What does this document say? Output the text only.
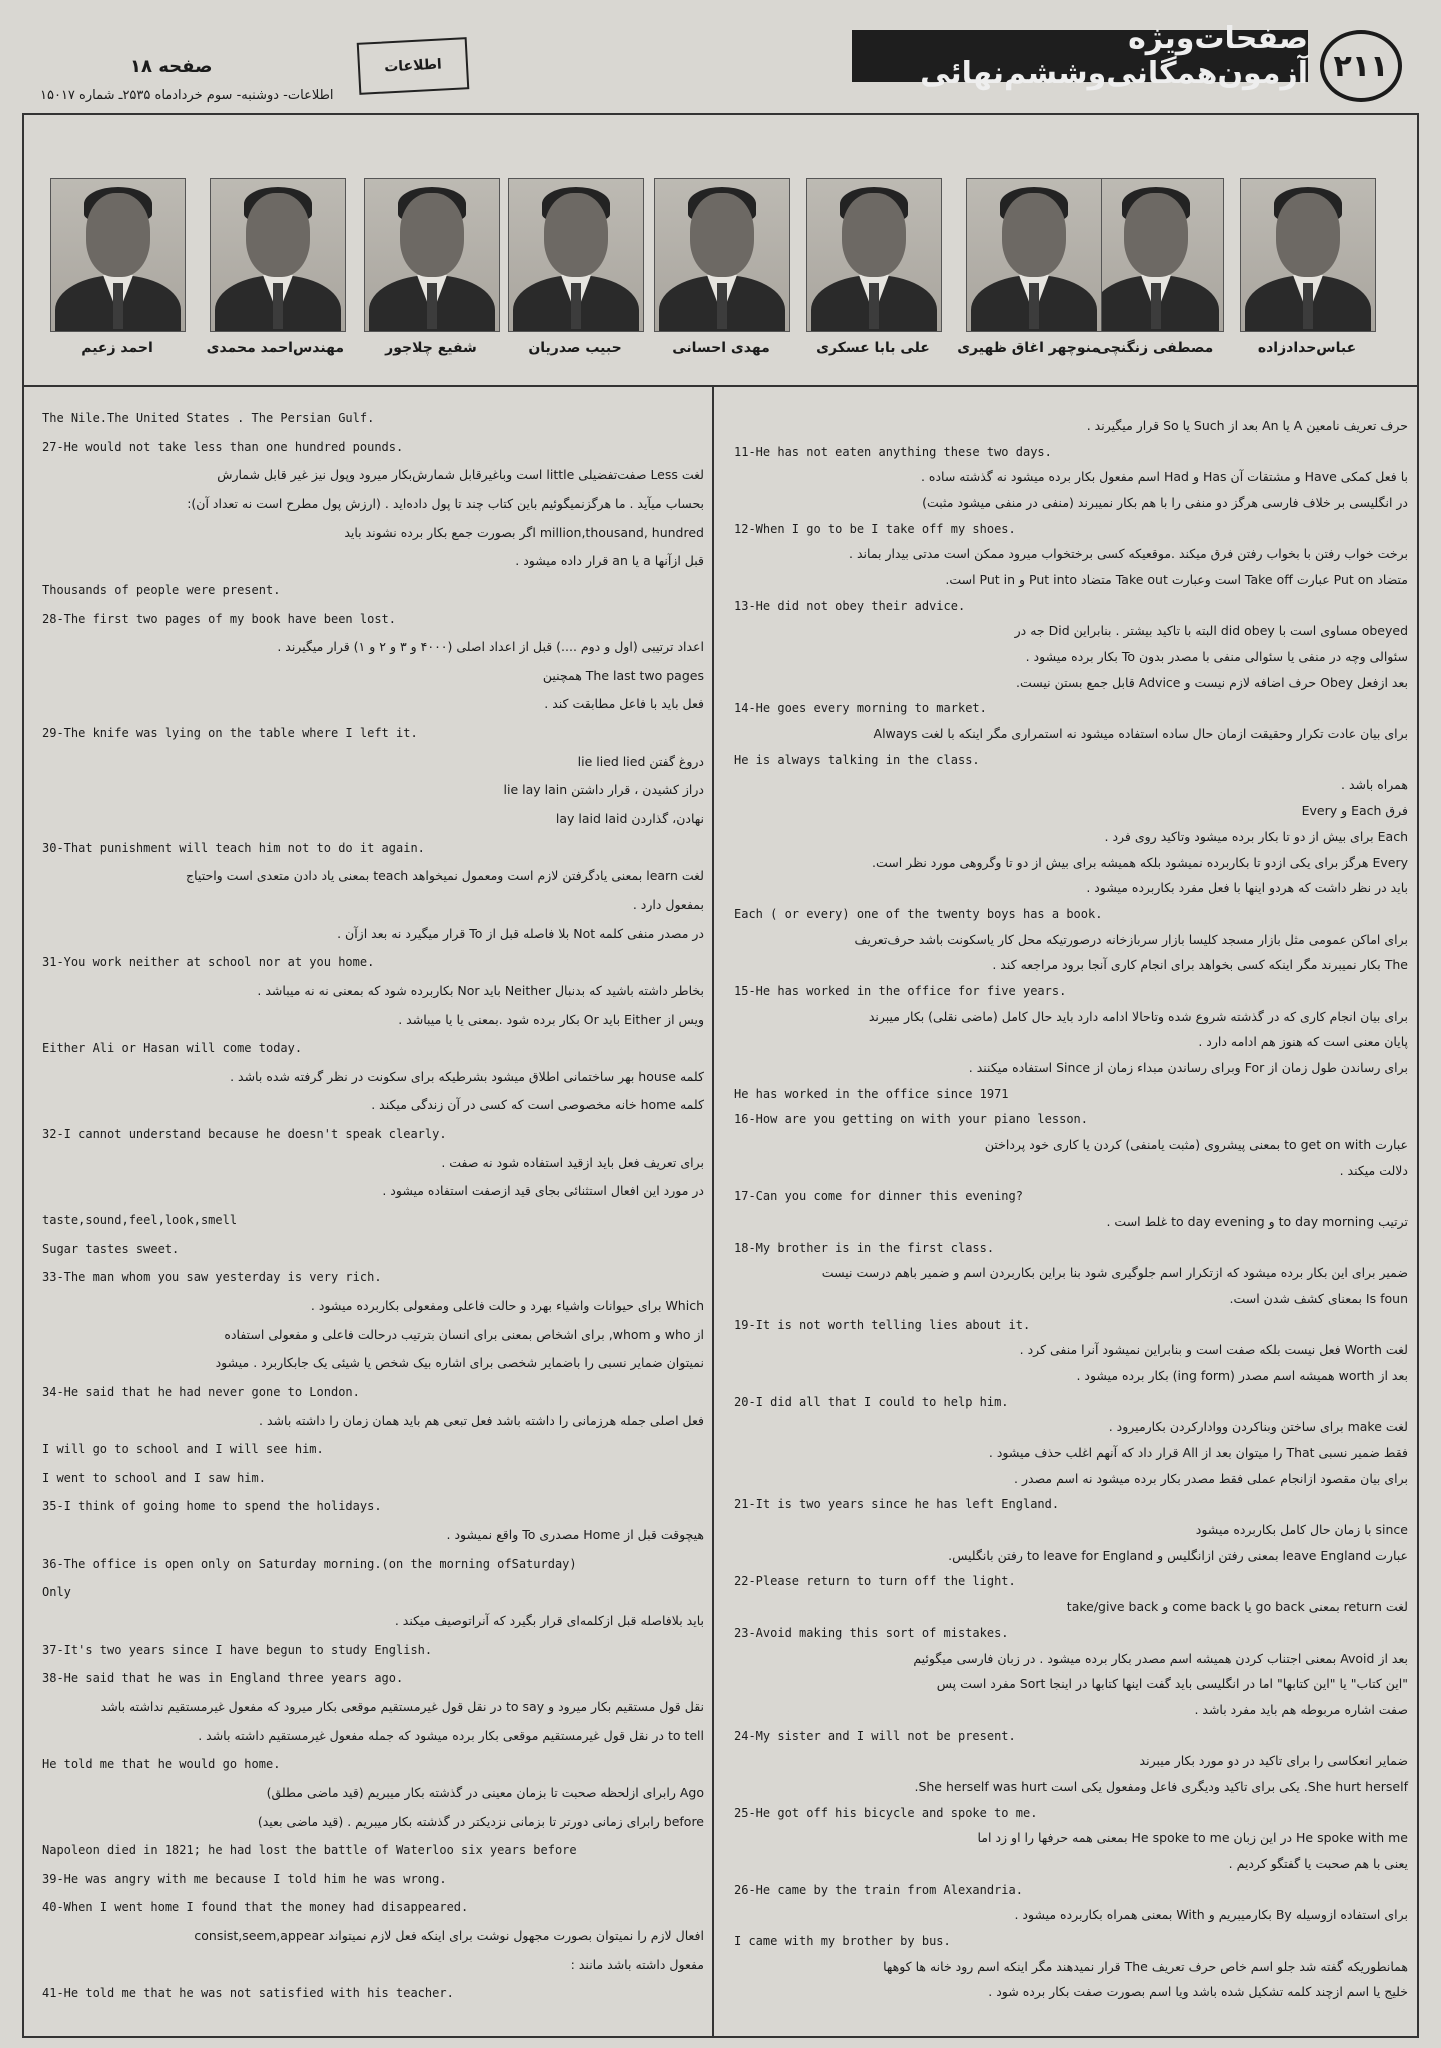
۲۱۱
صفحات‌ویژه آزمون‌همگانی‌وششم‌نهائی
اطلاعات
صفحه ۱۸
اطلاعات- دوشنبه- سوم خردادماه ۲۵۳۵ـ شماره ۱۵۰۱۷
عباس‌حدادزاده
مصطفی زنگنچی
منوچهر اغاق ظهیری
علی بابا عسکری
مهدی احسانی
حبیب صدریان
شفیع چلاجور
مهندس‌احمد محمدی
احمد زعیم
The Nile.The United States . The Persian Gulf.
27-He would not take less than one hundred pounds.
لغت Less صفت‌تفضیلی little است وباغیرقابل شمارش‌بکار میرود وپول نیز غیر قابل شمارش
بحساب‌ میآید . ما هرگزنمیگوئیم باین کتاب چند تا پول داده‌اید . (ارزش پول مطرح است نه تعداد آن):
million,thousand, hundred اگر بصورت جمع بکار برده نشوند باید
قبل ازآنها a یا an قرار داده میشود .
Thousands of people were present.
28-The first two pages of my book have been lost.
اعداد ترتیبی (اول و دوم ....) قبل از اعداد اصلی (۴۰۰۰ و ۳ و ۲ و ۱) قرار میگیرند .
The last two pages همچنین
فعل باید با فاعل مطابقت کند .
29-The knife was lying on the table where I left it.
دروغ گفتن lie lied lied
دراز کشیدن ، قرار داشتن lie lay lain
نهادن، گذاردن lay laid laid
30-That punishment will teach him not to do it again.
لغت learn بمعنی یادگرفتن لازم است ومعمول نمیخواهد teach بمعنی یاد دادن متعدی است واحتیاج
بمفعول دارد .
در مصدر منفی کلمه Not بلا فاصله قبل از To قرار میگیرد نه بعد ازآن .
31-You work neither at school nor at you home.
بخاطر داشته باشید که بدنبال Neither باید Nor بکاربرده شود که بمعنی نه نه میباشد .
ویس از Either باید Or بکار برده شود .بمعنی یا یا میباشد .
Either Ali or Hasan will come today.
کلمه house بهر ساختمانی اطلاق میشود بشرطیکه برای سکونت در نظر گرفته شده باشد .
کلمه home خانه مخصوصی است که کسی در آن زندگی میکند .
32-I cannot understand because he doesn't speak clearly.
برای تعریف فعل باید ازقید استفاده شود نه صفت .
در مورد این افعال استثنائی بجای قید ازصفت استفاده میشود .
taste,sound,feel,look,smell
Sugar tastes sweet.
33-The man whom you saw yesterday is very rich.
Which برای حیوانات واشیاء بهرد و حالت فاعلی ومفعولی بکاربرده میشود .
از who و whom, برای اشخاص بمعنی برای انسان بترتیب درحالت فاعلی و مفعولی استفاده
نمیتوان ضمایر نسبی را باضمایر شخصی برای اشاره بیک شخص یا شیئی یک جابکاربرد . میشود
34-He said that he had never gone to London.
فعل اصلی جمله هرزمانی را داشته باشد فعل تبعی هم باید همان زمان را داشته باشد .
I will go to school and I will see him.
I went to school and I saw him.
35-I think of going home to spend the holidays.
هیچوقت قبل از Home مصدری To واقع نمیشود .
36-The office is open only on Saturday morning.(on the morning ofSaturday)
Only
باید بلافاصله قبل ازکلمه‌ای قرار بگیرد که آنراتوصیف میکند .
37-It's two years since I have begun to study English.
38-He said that he was in England three years ago.
نقل قول مستقیم بکار میرود و to say در نقل قول غیرمستقیم موقعی بکار میرود که مفعول غیرمستقیم نداشته باشد
to tell در نقل قول غیرمستقیم موقعی بکار برده میشود که جمله مفعول غیرمستقیم داشته باشد .
He told me that he would go home.
Ago رابرای ازلحظه صحبت تا بزمان معینی در گذشته بکار میبریم (قید ماضی مطلق)
before رابرای زمانی دورتر تا بزمانی نزدیکتر در گذشته بکار میبریم . (قید ماضی بعید)
Napoleon died in 1821; he had lost the battle of Waterloo six years before
39-He was angry with me because I told him he was wrong.
40-When I went home I found that the money had disappeared.
افعال لازم را نمیتوان بصورت مجهول نوشت برای اینکه فعل لازم نمیتواند consist,seem,appear
مفعول داشته باشد مانند :
41-He told me that he was not satisfied with his teacher.
حرف تعریف نامعین A یا An بعد از Such یا So قرار میگیرند .
11-He has not eaten anything these two days.
با فعل کمکی Have و مشتقات آن Has و Had اسم مفعول بکار برده میشود نه گذشته ساده .
در انگلیسی بر خلاف فارسی هرگز دو منفی را با هم بکار نمیبرند (منفی در منفی میشود مثبت)
12-When I go to be I take off my shoes.
برخت خواب رفتن با بخواب رفتن فرق میکند .موقعیکه کسی برختخواب میرود ممکن است مدتی بیدار بماند .
متضاد Put on عبارت Take off است وعبارت Take out متضاد Put into و Put in است.
13-He did not obey their advice.
obeyed مساوی است با did obey البته با تاکید بیشتر . بنابراین Did جه در
سئوالی وچه در منفی یا سئوالی منفی با مصدر بدون To بکار برده میشود .
بعد ازفعل Obey حرف اضافه لازم نیست و Advice قابل جمع بستن نیست.
14-He goes every morning to market.
برای بیان عادت تکرار وحقیقت ازمان حال ساده استفاده میشود نه استمراری مگر اینکه با لغت Always
He is always talking in the class.
همراه باشد .
فرق Each و Every
Each برای بیش از دو تا بکار برده میشود وتاکید روی فرد .
Every هرگز برای یکی ازدو تا بکاربرده نمیشود بلکه همیشه برای بیش از دو تا وگروهی مورد نظر است.
باید در نظر داشت که هردو اینها با فعل مفرد بکاربرده میشود .
Each ( or every) one of the twenty boys has a book.
برای اماکن عمومی مثل بازار مسجد کلیسا بازار سربازخانه درصورتیکه محل کار یاسکونت باشد حرف‌تعریف
The بکار نمیبرند مگر اینکه کسی بخواهد برای انجام کاری آنجا برود مراجعه کند .
15-He has worked in the office for five years.
برای بیان انجام کاری که در گذشته شروع شده وتاحالا ادامه دارد باید حال کامل (ماضی نقلی) بکار میبرند
پایان معنی است که هنوز هم ادامه دارد .
برای رساندن طول زمان از For وبرای رساندن مبداء زمان از Since استفاده میکنند .
He has worked in the office since 1971
16-How are you getting on with your piano lesson.
عبارت to get on with بمعنی پیشروی (مثبت یامنفی) کردن یا کاری خود پرداختن
دلالت میکند .
17-Can you come for dinner this evening?
ترتیب to day morning و to day evening غلط است .
18-My brother is in the first class.
ضمیر برای این بکار برده میشود که ازتکرار اسم جلوگیری شود بنا براین بکاربردن اسم و ضمیر باهم درست نیست
Is foun بمعنای کشف شدن است.
19-It is not worth telling lies about it.
لغت Worth فعل نیست بلکه صفت است و بنابراین نمیشود آنرا منفی کرد .
بعد از worth همیشه اسم مصدر (ing form) بکار برده میشود .
20-I did all that I could to help him.
لغت make برای ساختن وبناکردن ووادارکردن بکارمیرود .
فقط ضمیر نسبی That را میتوان بعد از All قرار داد که آنهم اغلب حذف میشود .
برای بیان مقصود ازانجام عملی فقط مصدر بکار برده میشود نه اسم مصدر .
21-It is two years since he has left England.
since با زمان حال کامل بکاربرده میشود
عبارت leave England بمعنی رفتن ازانگلیس و to leave for England رفتن بانگلیس.
22-Please return to turn off the light.
لغت return بمعنی go back یا come back و take/give back
23-Avoid making this sort of mistakes.
بعد از Avoid بمعنی اجتناب کردن همیشه اسم مصدر بکار برده میشود . در زبان فارسی میگوئیم
"این کتاب" یا "این کتابها" اما در انگلیسی باید گفت اینها کتابها در اینجا Sort مفرد است پس
صفت اشاره مربوطه هم باید مفرد باشد .
24-My sister and I will not be present.
ضمایر انعکاسی را برای تاکید در دو مورد بکار میبرند
She hurt herself. یکی برای تاکید ودیگری فاعل ومفعول یکی است She herself was hurt.
25-He got off his bicycle and spoke to me.
He spoke with me در این زبان He spoke to me بمعنی همه حرفها را او زد اما
یعنی با هم صحبت یا گفتگو کردیم .
26-He came by the train from Alexandria.
برای استفاده ازوسیله By بکارمیبریم و With بمعنی همراه بکاربرده میشود .
I came with my brother by bus.
همانطوریکه گفته شد جلو اسم خاص حرف تعریف The قرار نمیدهند مگر اینکه اسم رود خانه ها کوهها
خلیج یا اسم ازچند کلمه تشکیل شده باشد ویا اسم بصورت صفت بکار برده شود .
